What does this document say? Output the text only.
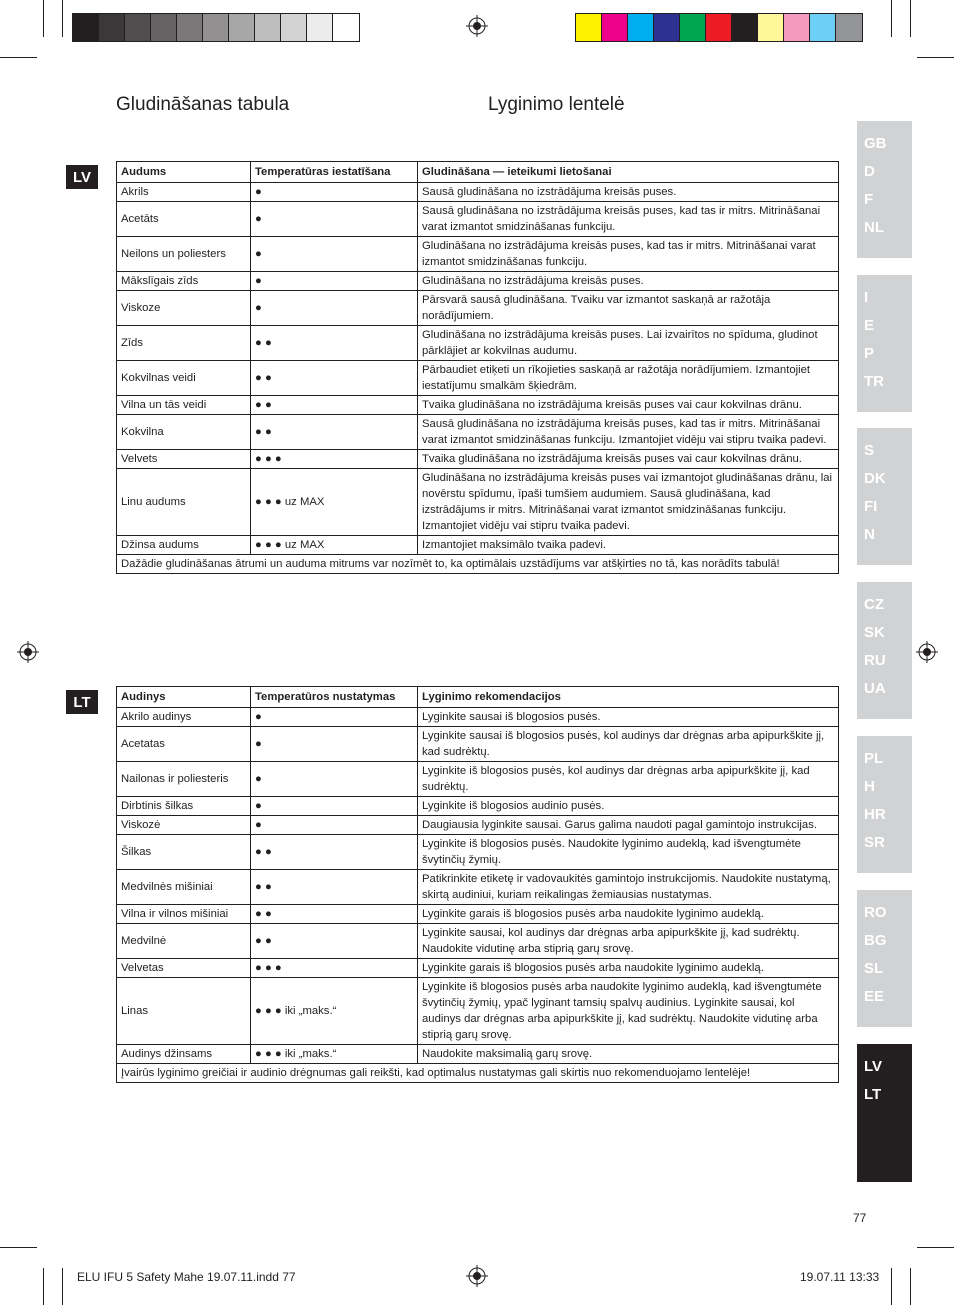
Gludināšanas tabula	Lyginimo lentelė
LV	Audums	Temperatūras iestatīšana	Gludināšana — ieteikumi lietošanai
Akrils	●	Sausā gludināšana no izstrādājuma kreisās puses.
Acetāts	●	Sausā gludināšana no izstrādājuma kreisās puses, kad tas ir mitrs. Mitrināšanai varat izmantot smidzināšanas funkciju.
Neilons un poliesters	●	Gludināšana no izstrādājuma kreisās puses, kad tas ir mitrs. Mitrināšanai varat izmantot smidzināšanas funkciju.
Mākslīgais zīds	●	Gludināšana no izstrādājuma kreisās puses.
Viskoze	●	Pārsvarā sausā gludināšana. Tvaiku var izmantot saskaņā ar ražotāja norādījumiem.
Zīds	● ●	Gludināšana no izstrādājuma kreisās puses. Lai izvairītos no spīduma, gludinot pārklājiet ar kokvilnas audumu.
Kokvilnas veidi	● ●	Pārbaudiet etiķeti un rīkojieties saskaņā ar ražotāja norādījumiem. Izmantojiet iestatījumu smalkām šķiedrām.
Vilna un tās veidi	● ●	Tvaika gludināšana no izstrādājuma kreisās puses vai caur kokvilnas drānu.
Kokvilna	● ●	Sausā gludināšana no izstrādājuma kreisās puses, kad tas ir mitrs. Mitrināšanai varat izmantot smidzināšanas funkciju. Izmantojiet vidēju vai stipru tvaika padevi.
Velvets	● ● ●	Tvaika gludināšana no izstrādājuma kreisās puses vai caur kokvilnas drānu.
Linu audums	● ● ● uz MAX	Gludināšana no izstrādājuma kreisās puses vai izmantojot gludināšanas drānu, lai novērstu spīdumu, īpaši tumšiem audumiem. Sausā gludināšana, kad izstrādājums ir mitrs. Mitrināšanai varat izmantot smidzināšanas funkciju. Izmantojiet vidēju vai stipru tvaika padevi.
Džinsa audums	● ● ● uz MAX	Izmantojiet maksimālo tvaika padevi.
Dažādie gludināšanas ātrumi un auduma mitrums var nozīmēt to, ka optimālais uzstādījums var atšķirties no tā, kas norādīts tabulā!		
LT	Audinys	Temperatūros nustatymas	Lyginimo rekomendacijos
Akrilo audinys	●	Lyginkite sausai iš blogosios pusės.
Acetatas	●	Lyginkite sausai iš blogosios pusės, kol audinys dar drėgnas arba apipurkškite jį, kad sudrėktų.
Nailonas ir poliesteris	●	Lyginkite iš blogosios pusės, kol audinys dar drėgnas arba apipurkškite jį, kad sudrėktų.
Dirbtinis šilkas	●	Lyginkite iš blogosios audinio pusės.
Viskozė	●	Daugiausia lyginkite sausai. Garus galima naudoti pagal gamintojo instrukcijas.
Šilkas	● ●	Lyginkite iš blogosios pusės. Naudokite lyginimo audeklą, kad išvengtumėte švytinčių žymių.
Medvilnės mišiniai	● ●	Patikrinkite etiketę ir vadovaukitės gamintojo instrukcijomis. Naudokite nustatymą, skirtą audiniui, kuriam reikalingas žemiausias nustatymas.
Vilna ir vilnos mišiniai	● ●	Lyginkite garais iš blogosios pusės arba naudokite lyginimo audeklą.
Medvilnė	● ●	Lyginkite sausai, kol audinys dar drėgnas arba apipurkškite jį, kad sudrėktų. Naudokite vidutinę arba stiprią garų srovę.
Velvetas	● ● ●	Lyginkite garais iš blogosios pusės arba naudokite lyginimo audeklą.
Linas	● ● ● iki „maks.“	Lyginkite iš blogosios pusės arba naudokite lyginimo audeklą, kad išvengtumėte švytinčių žymių, ypač lyginant tamsių spalvų audinius. Lyginkite sausai, kol audinys dar drėgnas arba apipurkškite jį, kad sudrėktų. Naudokite vidutinę arba stiprią garų srovę.
Audinys džinsams	● ● ● iki „maks.“	Naudokite maksimalią garų srovę.
Įvairūs lyginimo greičiai ir audinio drėgnumas gali reikšti, kad optimalus nustatymas gali skirtis nuo rekomenduojamo lentelėje!		
GB
D
F
NL
I
E
P
TR
S
DK
FI
N
CZ
SK
RU
UA
PL
H
HR
SR
RO
BG
SL
EE
LV
LT
77
ELU IFU 5 Safety Mahe 19.07.11.indd 77	19.07.11 13:33
